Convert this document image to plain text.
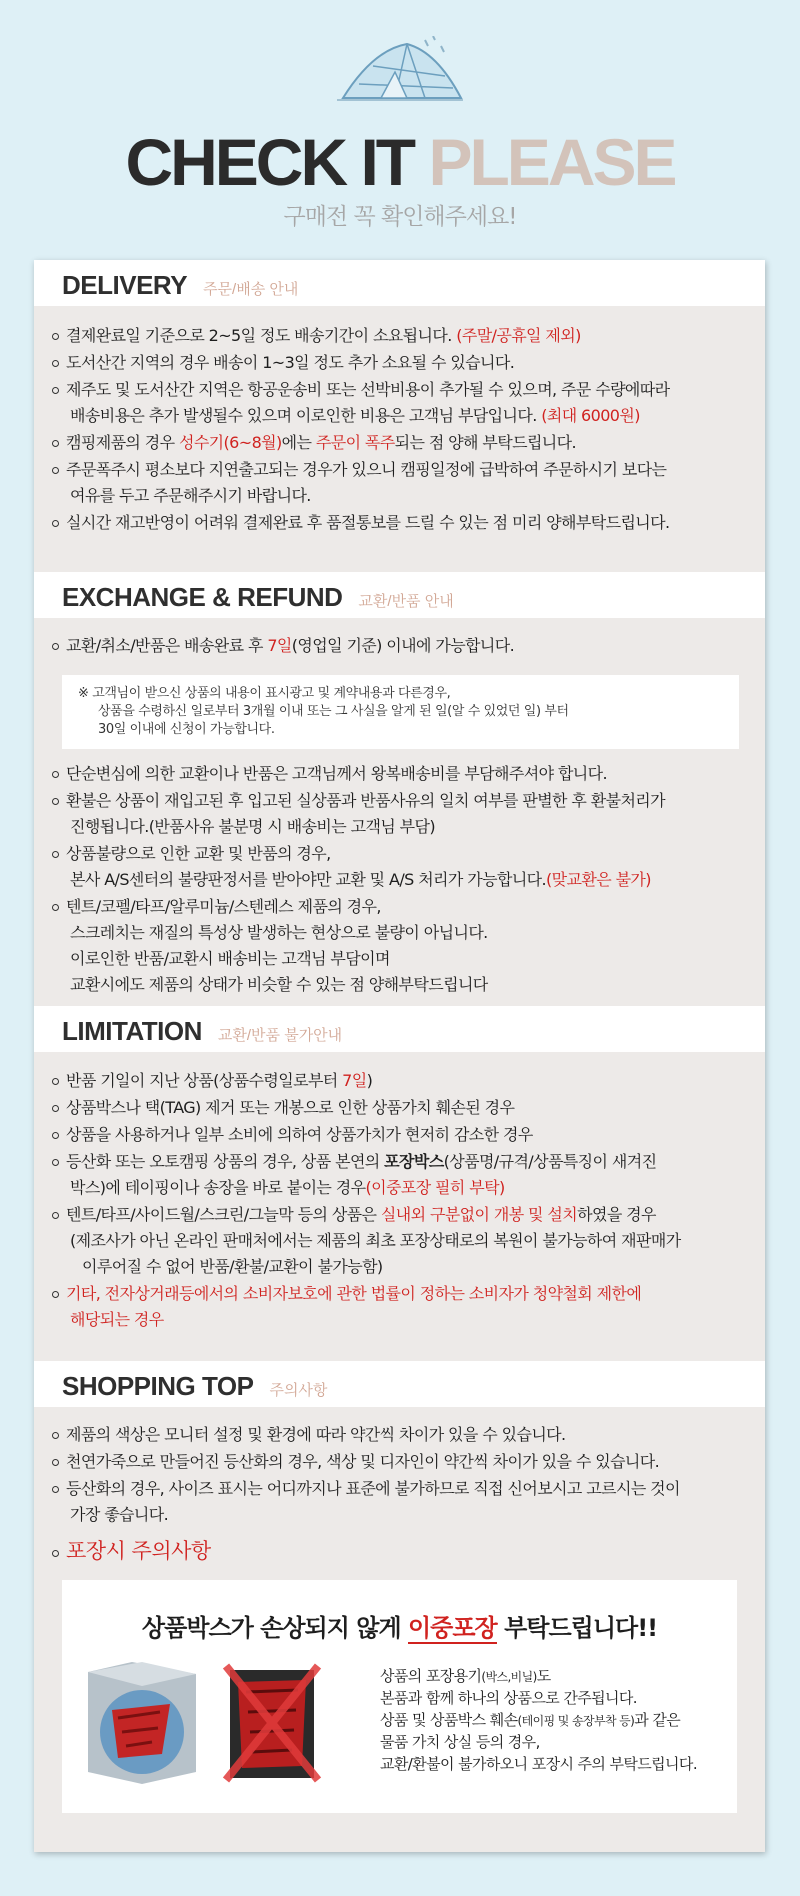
CHECK IT PLEASE
구매전 꼭 확인해주세요!
DELIVERY 주문/배송 안내
결제완료일 기준으로 2~5일 정도 배송기간이 소요됩니다. (주말/공휴일 제외)
도서산간 지역의 경우 배송이 1~3일 정도 추가 소요될 수 있습니다.
제주도 및 도서산간 지역은 항공운송비 또는 선박비용이 추가될 수 있으며, 주문 수량에따라
배송비용은 추가 발생될수 있으며 이로인한 비용은 고객님 부담입니다. (최대 6000원)
캠핑제품의 경우 성수기(6~8월)에는 주문이 폭주되는 점 양해 부탁드립니다.
주문폭주시 평소보다 지연출고되는 경우가 있으니 캠핑일정에 급박하여 주문하시기 보다는
여유를 두고 주문해주시기 바랍니다.
실시간 재고반영이 어려워 결제완료 후 품절통보를 드릴 수 있는 점 미리 양해부탁드립니다.
EXCHANGE & REFUND 교환/반품 안내
교환/취소/반품은 배송완료 후 7일(영업일 기준) 이내에 가능합니다.
※ 고객님이 받으신 상품의 내용이 표시광고 및 계약내용과 다른경우,
상품을 수령하신 일로부터 3개월 이내 또는 그 사실을 알게 된 일(알 수 있었던 일) 부터
30일 이내에 신청이 가능합니다.
단순변심에 의한 교환이나 반품은 고객님께서 왕복배송비를 부담해주셔야 합니다.
환불은 상품이 재입고된 후 입고된 실상품과 반품사유의 일치 여부를 판별한 후 환불처리가
진행됩니다.(반품사유 불분명 시 배송비는 고객님 부담)
상품불량으로 인한 교환 및 반품의 경우,
본사 A/S센터의 불량판정서를 받아야만 교환 및 A/S 처리가 가능합니다.(맞교환은 불가)
텐트/코펠/타프/알루미늄/스텐레스 제품의 경우,
스크레치는 재질의 특성상 발생하는 현상으로 불량이 아닙니다.
이로인한 반품/교환시 배송비는 고객님 부담이며
교환시에도 제품의 상태가 비슷할 수 있는 점 양해부탁드립니다
LIMITATION 교환/반품 불가안내
반품 기일이 지난 상품(상품수령일로부터 7일)
상품박스나 택(TAG) 제거 또는 개봉으로 인한 상품가치 훼손된 경우
상품을 사용하거나 일부 소비에 의하여 상품가치가 현저히 감소한 경우
등산화 또는 오토캠핑 상품의 경우, 상품 본연의 포장박스(상품명/규격/상품특징이 새겨진
박스)에 테이핑이나 송장을 바로 붙이는 경우(이중포장 필히 부탁)
텐트/타프/사이드월/스크린/그늘막 등의 상품은 실내외 구분없이 개봉 및 설치하였을 경우
(제조사가 아닌 온라인 판매처에서는 제품의 최초 포장상태로의 복원이 불가능하여 재판매가
이루어질 수 없어 반품/환불/교환이 불가능함)
기타, 전자상거래등에서의 소비자보호에 관한 법률이 정하는 소비자가 청약철회 제한에
해당되는 경우
SHOPPING TOP 주의사항
제품의 색상은 모니터 설정 및 환경에 따라 약간씩 차이가 있을 수 있습니다.
천연가죽으로 만들어진 등산화의 경우, 색상 및 디자인이 약간씩 차이가 있을 수 있습니다.
등산화의 경우, 사이즈 표시는 어디까지나 표준에 불가하므로 직접 신어보시고 고르시는 것이
가장 좋습니다.
포장시 주의사항
상품박스가 손상되지 않게 이중포장 부탁드립니다!!
상품의 포장용기(박스,비닐)도
본품과 함께 하나의 상품으로 간주됩니다.
상품 및 상품박스 훼손(테이핑 및 송장부착 등)과 같은
물품 가치 상실 등의 경우,
교환/환불이 불가하오니 포장시 주의 부탁드립니다.
